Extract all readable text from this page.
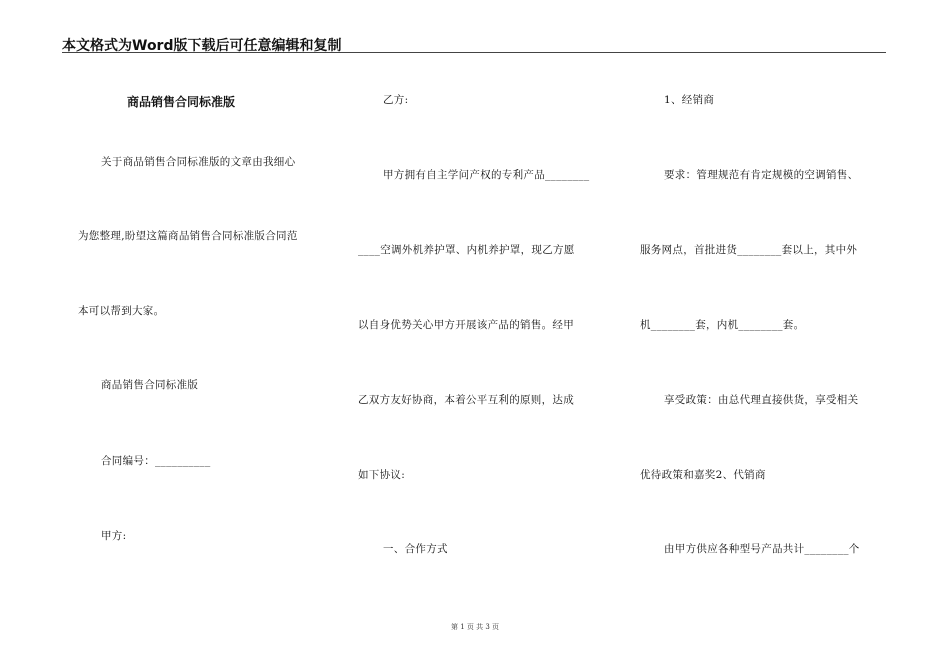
本文格式为Word版下载后可任意编辑和复制
商品销售合同标准版
关于商品销售合同标准版的文章由我细心
为您整理,盼望这篇商品销售合同标准版合同范
本可以帮到大家。
商品销售合同标准版
合同编号：__________
甲方:
乙方:
甲方拥有自主学问产权的专利产品________
____空调外机养护罩、内机养护罩，现乙方愿
以自身优势关心甲方开展该产品的销售。经甲
乙双方友好协商，本着公平互利的原则，达成
如下协议:
一、合作方式
1、经销商
要求：管理规范有肯定规模的空调销售、
服务网点，首批进货________套以上，其中外
机________套，内机________套。
享受政策：由总代理直接供货，享受相关
优待政策和嘉奖2、代销商
由甲方供应各种型号产品共计________个
第 1 页 共 3 页
